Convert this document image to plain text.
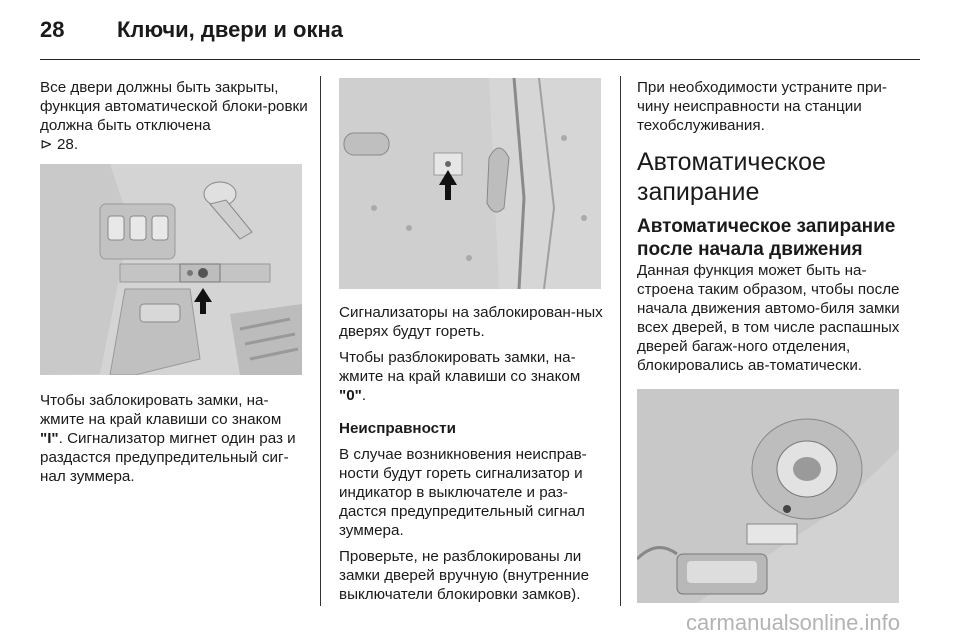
28 Ключи, двери и окна

Все двери должны быть закрыты, функция автоматической блоки-ровки должна быть отключена
⊳ 28.

Чтобы заблокировать замки, на-жмите на край клавиши со знаком "I". Сигнализатор мигнет один раз и раздастся предупредительный сиг-нал зуммера.

Сигнализаторы на заблокирован-ных дверях будут гореть.

Чтобы разблокировать замки, на-жмите на край клавиши со знаком "0".

Неисправности

В случае возникновения неисправ-ности будут гореть сигнализатор и индикатор в выключателе и раз-дастся предупредительный сигнал зуммера.

Проверьте, не разблокированы ли замки дверей вручную (внутренние выключатели блокировки замков).

При необходимости устраните при-чину неисправности на станции техобслуживания.

Автоматическое запирание
Автоматическое запирание после начала движения

Данная функция может быть на-строена таким образом, чтобы после начала движения автомо-биля замки всех дверей, в том числе распашных дверей багаж-ного отделения, блокировались ав-томатически.

carmanualsonline.info
